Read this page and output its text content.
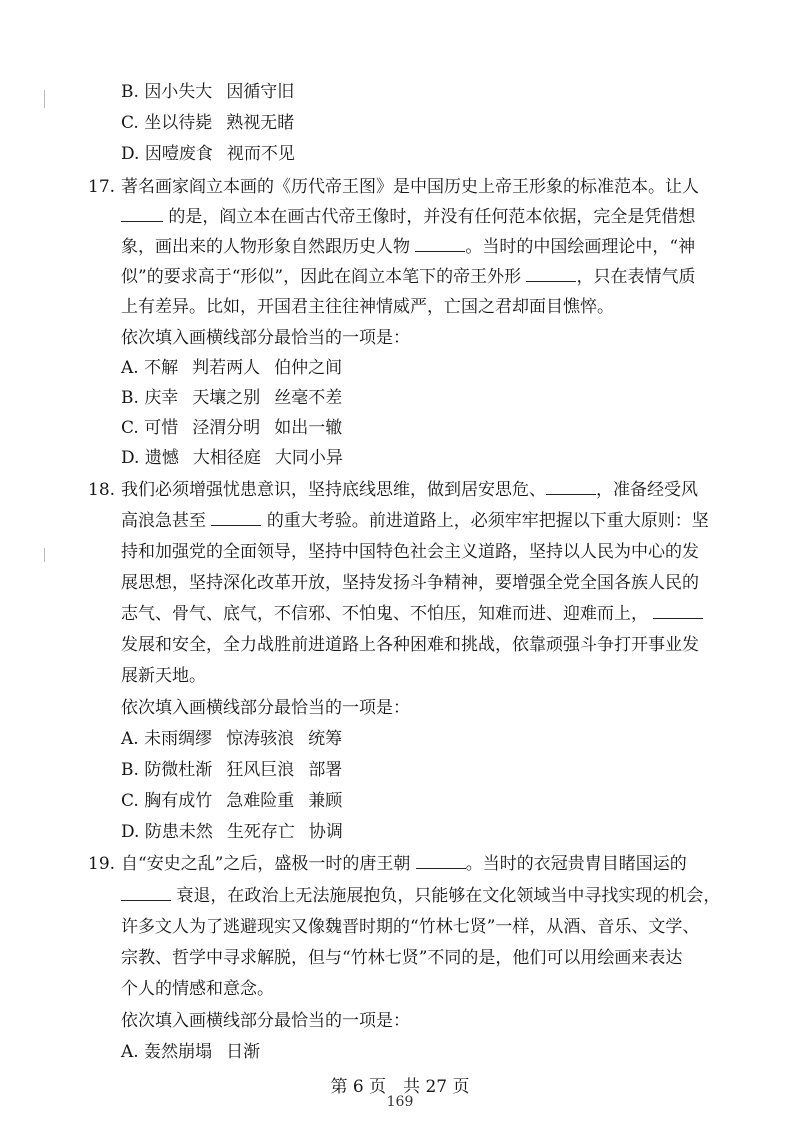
B. 因小失大 因循守旧
C. 坐以待毙 熟视无睹
D. 因噎废食 视而不见
17. 著名画家阎立本画的《历代帝王图》是中国历史上帝王形象的标准范本。让人
的是，阎立本在画古代帝王像时，并没有任何范本依据，完全是凭借想
象，画出来的人物形象自然跟历史人物	。当时的中国绘画理论中，“神
似”的要求高于“形似”，因此在阎立本笔下的帝王外形	，只在表情气质
上有差异。比如，开国君主往往神情威严，亡国之君却面目憔悴。
依次填入画横线部分最恰当的一项是：
A. 不解 判若两人 伯仲之间
B. 庆幸 天壤之别 丝毫不差
C. 可惜 泾渭分明 如出一辙
D. 遗憾 大相径庭 大同小异
18. 我们必须增强忧患意识，坚持底线思维，做到居安思危、	，准备经受风
高浪急甚至	的重大考验。前进道路上，必须牢牢把握以下重大原则：坚
持和加强党的全面领导，坚持中国特色社会主义道路，坚持以人民为中心的发
展思想，坚持深化改革开放，坚持发扬斗争精神，要增强全党全国各族人民的
志气、骨气、底气，不信邪、不怕鬼、不怕压，知难而进、迎难而上，
发展和安全，全力战胜前进道路上各种困难和挑战，依靠顽强斗争打开事业发
展新天地。
依次填入画横线部分最恰当的一项是：
A. 未雨绸缪 惊涛骇浪 统筹
B. 防微杜渐 狂风巨浪 部署
C. 胸有成竹 急难险重 兼顾
D. 防患未然 生死存亡 协调
19. 自“安史之乱”之后，盛极一时的唐王朝	。当时的衣冠贵胄目睹国运的
衰退，在政治上无法施展抱负，只能够在文化领域当中寻找实现的机会，
许多文人为了逃避现实又像魏晋时期的“竹林七贤”一样，从酒、音乐、文学、
宗教、哲学中寻求解脱，但与“竹林七贤”不同的是，他们可以用绘画来表达
个人的情感和意念。
依次填入画横线部分最恰当的一项是：
A. 轰然崩塌 日渐
第 6 页　共 27 页
169
